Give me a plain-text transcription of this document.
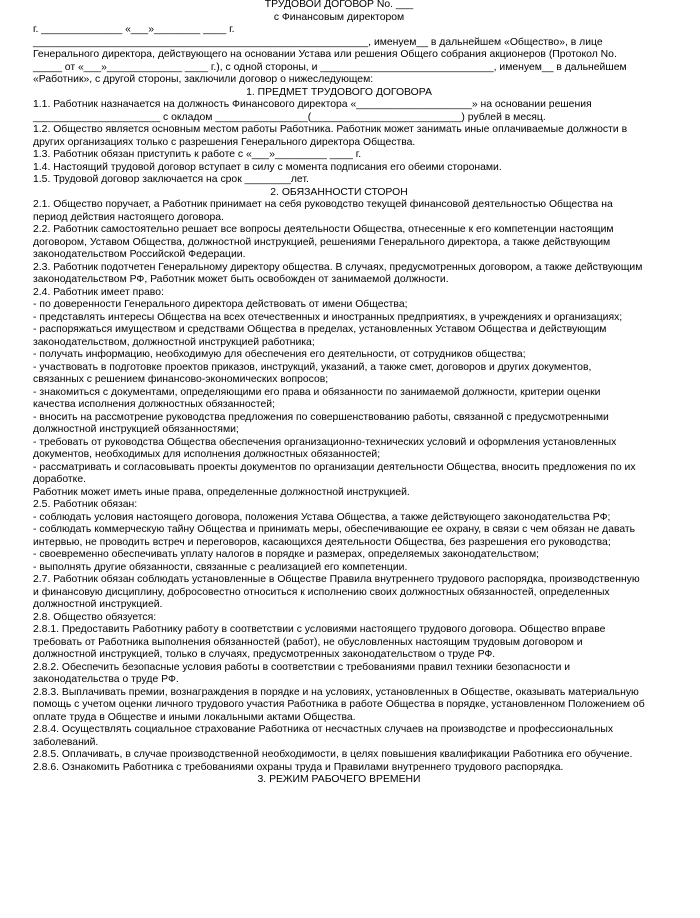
ТРУДОВОЙ ДОГОВОР No. ___

с Финансовым директором

г. ______________ «___»________ ____ г.

__________________________________________________________, именуем__ в дальнейшем «Общество», в лице Генерального директора, действующего на основании Устава или решения Общего собрания акционеров (Протокол No. _____ от «___»_____________ ____ г.), с одной стороны, и ______________________________, именуем__ в дальнейшем «Работник», с другой стороны, заключили договор о нижеследующем:

1. ПРЕДМЕТ ТРУДОВОГО ДОГОВОРА

1.1. Работник назначается на должность Финансового директора «____________________» на основании решения ______________________ с окладом ________________(__________________________) рублей в месяц.

1.2. Общество является основным местом работы Работника. Работник может занимать иные оплачиваемые должности в других организациях только с разрешения Генерального директора Общества.

1.3. Работник обязан приступить к работе с «___»_________ ____ г.

1.4. Настоящий трудовой договор вступает в силу с момента подписания его обеими сторонами.

1.5. Трудовой договор заключается на срок ________лет.

2. ОБЯЗАННОСТИ СТОРОН

2.1. Общество поручает, а Работник принимает на себя руководство текущей финансовой деятельностью Общества на период действия настоящего договора.

2.2. Работник самостоятельно решает все вопросы деятельности Общества, отнесенные к его компетенции настоящим договором, Уставом Общества, должностной инструкцией, решениями Генерального директора, а также действующим законодательством Российской Федерации.

2.3. Работник подотчетен Генеральному директору общества. В случаях, предусмотренных договором, а также действующим законодательством РФ, Работник может быть освобожден от занимаемой должности.

2.4. Работник имеет право:

- по доверенности Генерального директора действовать от имени Общества;

- представлять интересы Общества на всех отечественных и иностранных предприятиях, в учреждениях и организациях;

- распоряжаться имуществом и средствами Общества в пределах, установленных Уставом Общества и действующим законодательством, должностной инструкцией работника;

- получать информацию, необходимую для обеспечения его деятельности, от сотрудников общества;

- участвовать в подготовке проектов приказов, инструкций, указаний, а также смет, договоров и других документов, связанных с решением финансово-экономических вопросов;

- знакомиться с документами, определяющими его права и обязанности по занимаемой должности, критерии оценки качества исполнения должностных обязанностей;

- вносить на рассмотрение руководства предложения по совершенствованию работы, связанной с предусмотренными должностной инструкцией обязанностями;

- требовать от руководства Общества обеспечения организационно-технических условий и оформления установленных документов, необходимых для исполнения должностных обязанностей;

- рассматривать и согласовывать проекты документов по организации деятельности Общества, вносить предложения по их доработке.

Работник может иметь иные права, определенные должностной инструкцией.

2.5. Работник обязан:

- соблюдать условия настоящего договора, положения Устава Общества, а также действующего законодательства РФ;

- соблюдать коммерческую тайну Общества и принимать меры, обеспечивающие ее охрану, в связи с чем обязан не давать интервью, не проводить встреч и переговоров, касающихся деятельности Общества, без разрешения его руководства;

- своевременно обеспечивать уплату налогов в порядке и размерах, определяемых законодательством;

- выполнять другие обязанности, связанные с реализацией его компетенции.

2.7. Работник обязан соблюдать установленные в Обществе Правила внутреннего трудового распорядка, производственную и финансовую дисциплину, добросовестно относиться к исполнению своих должностных обязанностей, определенных должностной инструкцией.

2.8. Общество обязуется:

2.8.1. Предоставить Работнику работу в соответствии с условиями настоящего трудового договора. Общество вправе требовать от Работника выполнения обязанностей (работ), не обусловленных настоящим трудовым договором и должностной инструкцией, только в случаях, предусмотренных законодательством о труде РФ.

2.8.2. Обеспечить безопасные условия работы в соответствии с требованиями правил техники безопасности и законодательства о труде РФ.

2.8.3. Выплачивать премии, вознаграждения в порядке и на условиях, установленных в Обществе, оказывать материальную помощь с учетом оценки личного трудового участия Работника в работе Общества в порядке, установленном Положением об оплате труда в Обществе и иными локальными актами Общества.

2.8.4. Осуществлять социальное страхование Работника от несчастных случаев на производстве и профессиональных заболеваний.

2.8.5. Оплачивать, в случае производственной необходимости, в целях повышения квалификации Работника его обучение.

2.8.6. Ознакомить Работника с требованиями охраны труда и Правилами внутреннего трудового распорядка.

3. РЕЖИМ РАБОЧЕГО ВРЕМЕНИ
